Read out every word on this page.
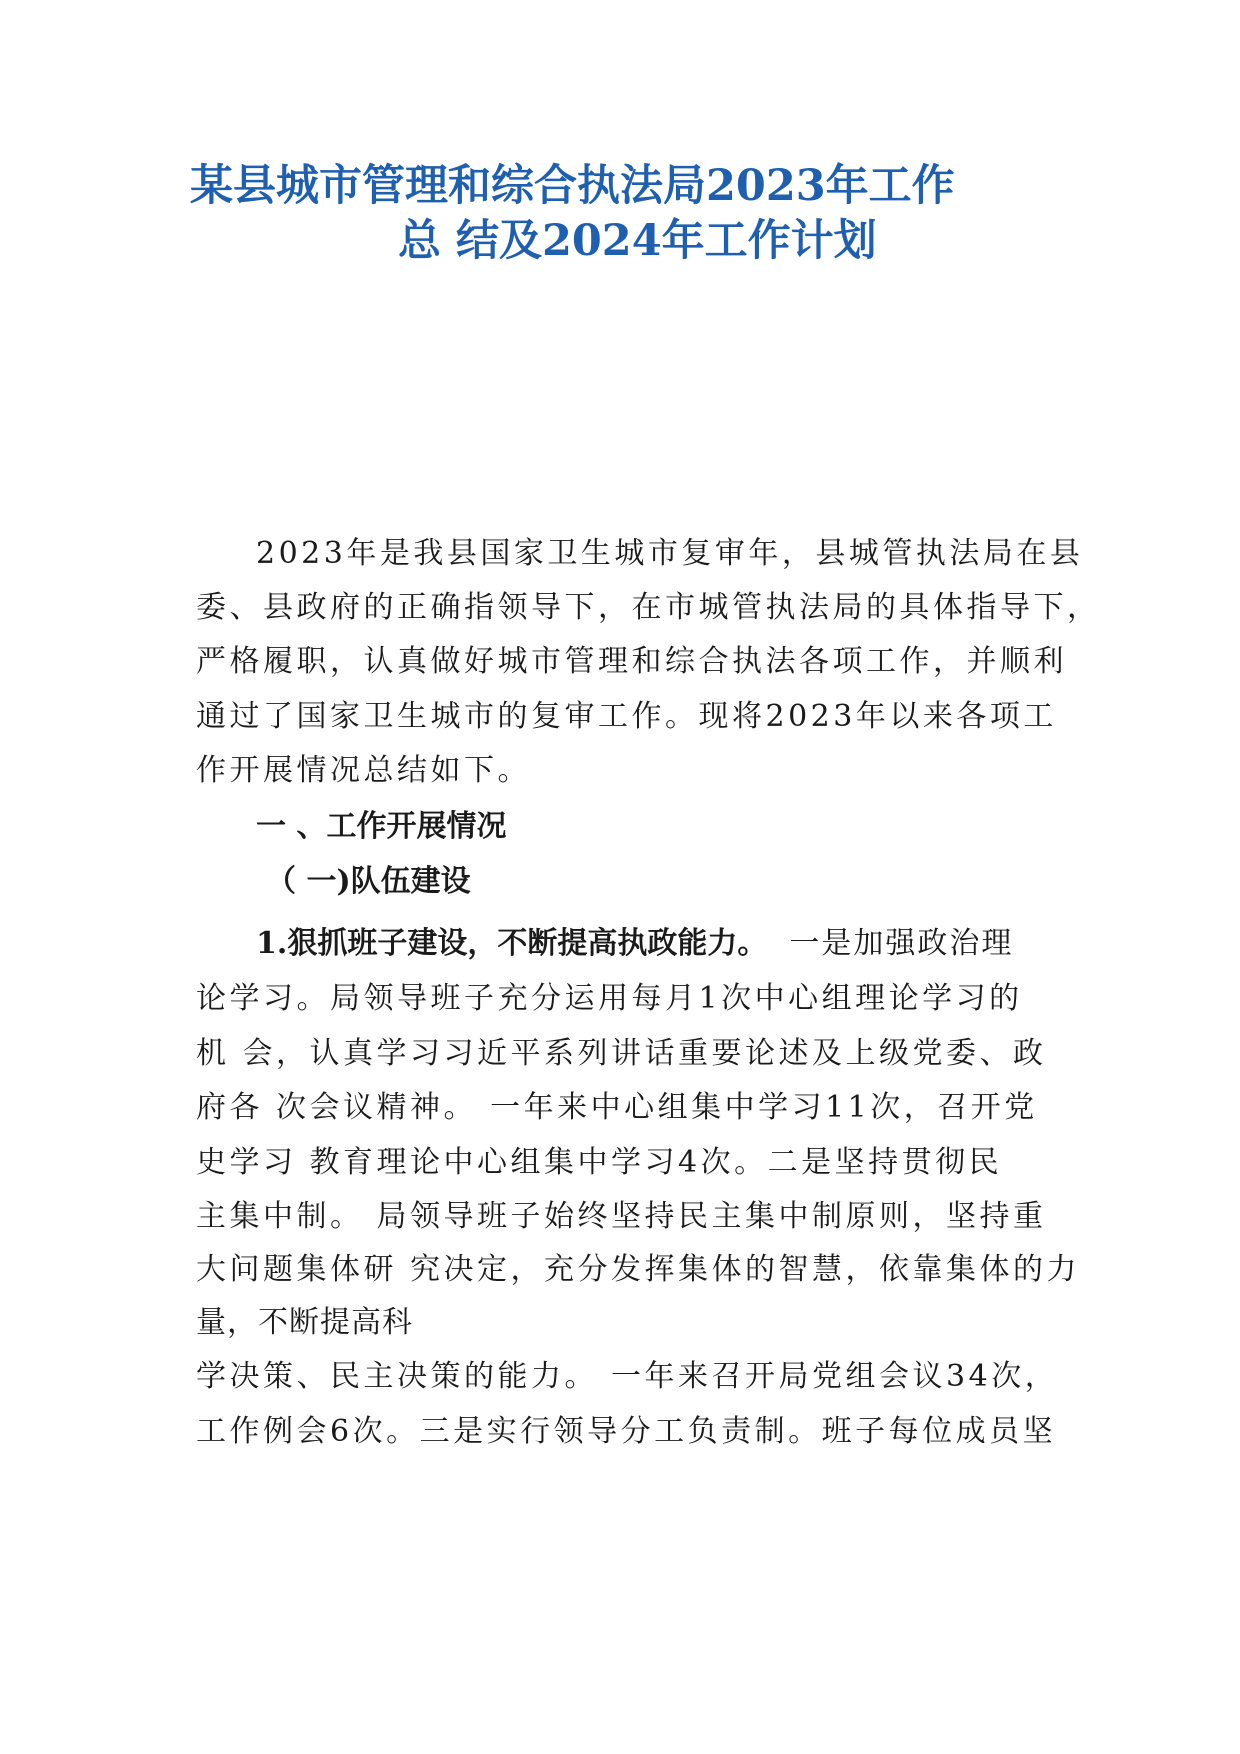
某县城市管理和综合执法局2023年工作
总 结及2024年工作计划
2023年是我县国家卫生城市复审年，县城管执法局在县
委、县政府的正确指领导下，在市城管执法局的具体指导下，
严格履职，认真做好城市管理和综合执法各项工作，并顺利
通过了国家卫生城市的复审工作。现将2023年以来各项工
作开展情况总结如下。
一 、工作开展情况
（ 一)队伍建设
1.狠抓班子建设，不断提高执政能力。 一是加强政治理
论学习。局领导班子充分运用每月1次中心组理论学习的
机 会，认真学习习近平系列讲话重要论述及上级党委、政
府各 次会议精神。 一年来中心组集中学习11次，召开党
史学习 教育理论中心组集中学习4次。二是坚持贯彻民
主集中制。 局领导班子始终坚持民主集中制原则，坚持重
大问题集体研 究决定，充分发挥集体的智慧，依靠集体的力
量，不断提高科
学决策、民主决策的能力。 一年来召开局党组会议34次，
工作例会6次。三是实行领导分工负责制。班子每位成员坚
